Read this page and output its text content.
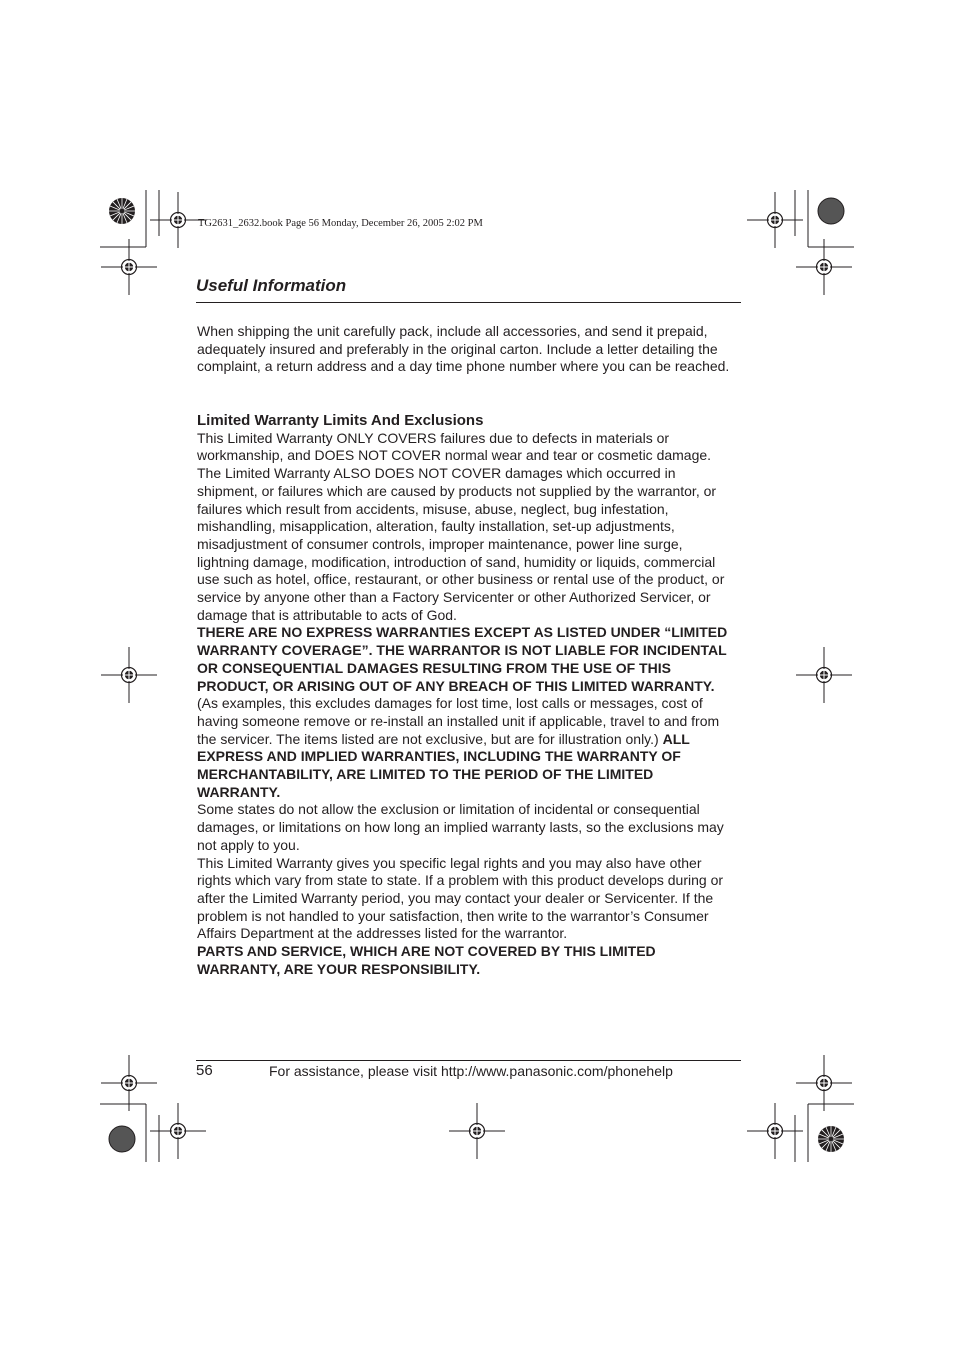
TG2631_2632.book Page 56 Monday, December 26, 2005 2:02 PM
Useful Information

When shipping the unit carefully pack, include all accessories, and send it prepaid, adequately insured and preferably in the original carton. Include a letter detailing the complaint, a return address and a day time phone number where you can be reached.

Limited Warranty Limits And Exclusions

This Limited Warranty ONLY COVERS failures due to defects in materials or workmanship, and DOES NOT COVER normal wear and tear or cosmetic damage. The Limited Warranty ALSO DOES NOT COVER damages which occurred in shipment, or failures which are caused by products not supplied by the warrantor, or failures which result from accidents, misuse, abuse, neglect, bug infestation, mishandling, misapplication, alteration, faulty installation, set-up adjustments, misadjustment of consumer controls, improper maintenance, power line surge, lightning damage, modification, introduction of sand, humidity or liquids, commercial use such as hotel, office, restaurant, or other business or rental use of the product, or service by anyone other than a Factory Servicenter or other Authorized Servicer, or damage that is attributable to acts of God.

THERE ARE NO EXPRESS WARRANTIES EXCEPT AS LISTED UNDER “LIMITED WARRANTY COVERAGE”. THE WARRANTOR IS NOT LIABLE FOR INCIDENTAL OR CONSEQUENTIAL DAMAGES RESULTING FROM THE USE OF THIS PRODUCT, OR ARISING OUT OF ANY BREACH OF THIS LIMITED WARRANTY. (As examples, this excludes damages for lost time, lost calls or messages, cost of having someone remove or re-install an installed unit if applicable, travel to and from the servicer. The items listed are not exclusive, but are for illustration only.) ALL EXPRESS AND IMPLIED WARRANTIES, INCLUDING THE WARRANTY OF MERCHANTABILITY, ARE LIMITED TO THE PERIOD OF THE LIMITED WARRANTY.

Some states do not allow the exclusion or limitation of incidental or consequential damages, or limitations on how long an implied warranty lasts, so the exclusions may not apply to you.

This Limited Warranty gives you specific legal rights and you may also have other rights which vary from state to state. If a problem with this product develops during or after the Limited Warranty period, you may contact your dealer or Servicenter. If the problem is not handled to your satisfaction, then write to the warrantor’s Consumer Affairs Department at the addresses listed for the warrantor.

PARTS AND SERVICE, WHICH ARE NOT COVERED BY THIS LIMITED WARRANTY, ARE YOUR RESPONSIBILITY.

56	For assistance, please visit http://www.panasonic.com/phonehelp
